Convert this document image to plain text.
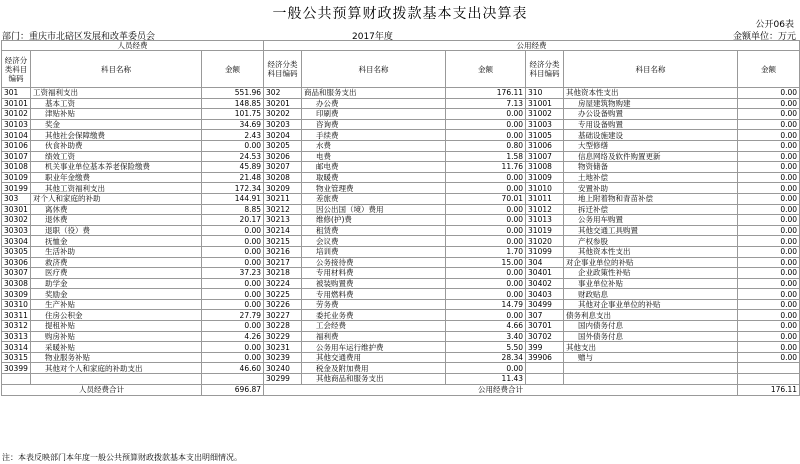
一般公共预算财政拨款基本支出决算表
公开06表
部门：重庆市北碚区发展和改革委员会	2017年度	金额单位：万元
人员经费			公用经费					
经济分类科目编码	科目名称	金额	经济分类科目编码	科目名称	金额	经济分类科目编码	科目名称	金额
301	工资福利支出	551.96	302	商品和服务支出	176.11	310	其他资本性支出	0.00
30101	基本工资	148.85	30201	办公费	7.13	31001	房屋建筑物购建	0.00
30102	津贴补贴	101.75	30202	印刷费	0.00	31002	办公设备购置	0.00
30103	奖金	34.69	30203	咨询费	0.00	31003	专用设备购置	0.00
30104	其他社会保障缴费	2.43	30204	手续费	0.00	31005	基础设施建设	0.00
30106	伙食补助费	0.00	30205	水费	0.80	31006	大型修缮	0.00
30107	绩效工资	24.53	30206	电费	1.58	31007	信息网络及软件购置更新	0.00
30108	机关事业单位基本养老保险缴费	45.89	30207	邮电费	11.76	31008	物资储备	0.00
30109	职业年金缴费	21.48	30208	取暖费	0.00	31009	土地补偿	0.00
30199	其他工资福利支出	172.34	30209	物业管理费	0.00	31010	安置补助	0.00
303	对个人和家庭的补助	144.91	30211	差旅费	70.01	31011	地上附着物和青苗补偿	0.00
30301	离休费	8.85	30212	因公出国（境）费用	0.00	31012	拆迁补偿	0.00
30302	退休费	20.17	30213	维修(护)费	0.00	31013	公务用车购置	0.00
30303	退职（役）费	0.00	30214	租赁费	0.00	31019	其他交通工具购置	0.00
30304	抚恤金	0.00	30215	会议费	0.00	31020	产权参股	0.00
30305	生活补助	0.00	30216	培训费	1.70	31099	其他资本性支出	0.00
30306	救济费	0.00	30217	公务接待费	15.00	304	对企事业单位的补贴	0.00
30307	医疗费	37.23	30218	专用材料费	0.00	30401	企业政策性补贴	0.00
30308	助学金	0.00	30224	被装购置费	0.00	30402	事业单位补贴	0.00
30309	奖励金	0.00	30225	专用燃料费	0.00	30403	财政贴息	0.00
30310	生产补贴	0.00	30226	劳务费	14.79	30499	其他对企事业单位的补贴	0.00
30311	住房公积金	27.79	30227	委托业务费	0.00	307	债务利息支出	0.00
30312	提租补贴	0.00	30228	工会经费	4.66	30701	国内债务付息	0.00
30313	购房补贴	4.26	30229	福利费	3.40	30702	国外债务付息	0.00
30314	采暖补贴	0.00	30231	公务用车运行维护费	5.50	399	其他支出	0.00
30315	物业服务补贴	0.00	30239	其他交通费用	28.34	39906	赠与	0.00
30399	其他对个人和家庭的补助支出	46.60	30240	税金及附加费用	0.00			
			30299	其他商品和服务支出	11.43			
人员经费合计		696.87	公用经费合计					176.11
注：本表反映部门本年度一般公共预算财政拨款基本支出明细情况。
